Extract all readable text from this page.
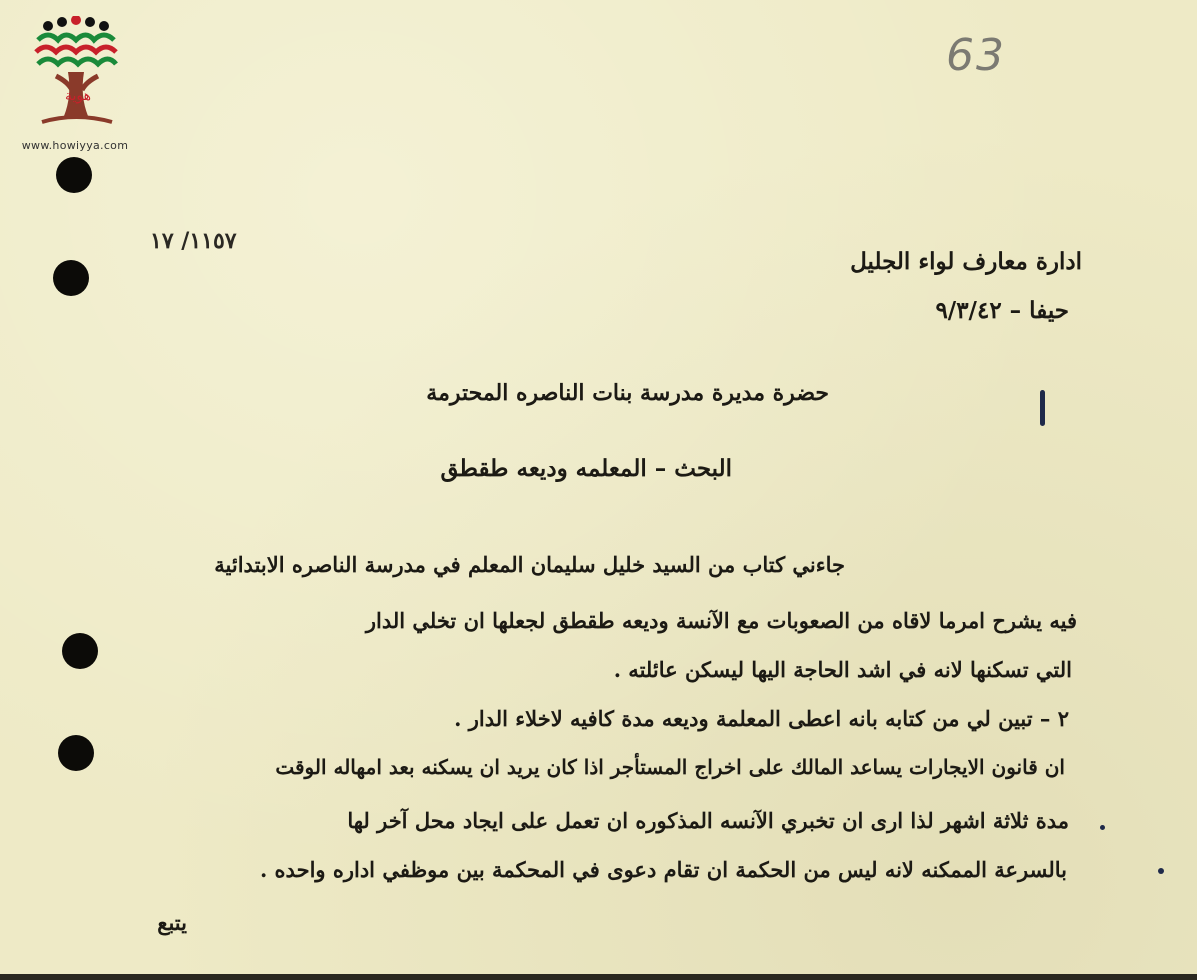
هوية
www.howiyya.com
63
١١٥٧/ ١٧
ادارة معارف لواء الجليل
حيفا – ٩/٣/٤٢
حضرة مديرة مدرسة بنات الناصره المحترمة
البحث – المعلمه وديعه طقطق
جاءني كتاب من السيد خليل سليمان المعلم في مدرسة الناصره الابتدائية
فيه يشرح امرما لاقاه من الصعوبات مع الآنسة وديعه طقطق لجعلها ان تخلي الدار
التي تسكنها لانه في اشد الحاجة اليها ليسكن عائلته .
٢ – تبين لي من كتابه بانه اعطى المعلمة وديعه مدة كافيه لاخلاء الدار .
ان قانون الايجارات يساعد المالك على اخراج المستأجر اذا كان يريد ان يسكنه بعد امهاله الوقت
مدة ثلاثة اشهر لذا ارى ان تخبري الآنسه المذكوره ان تعمل على ايجاد محل آخر لها
بالسرعة الممكنه لانه ليس من الحكمة ان تقام دعوى في المحكمة بين موظفي اداره واحده .
يتبع
